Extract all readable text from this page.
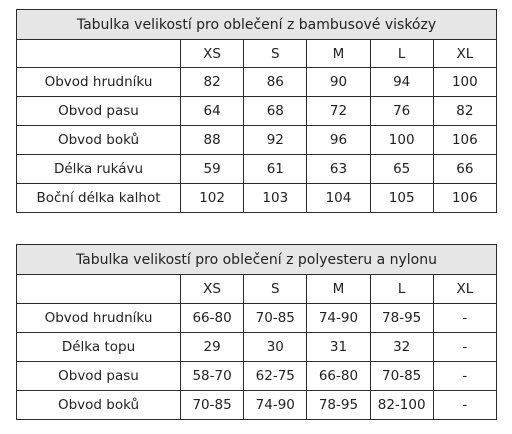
Tabulka velikostí pro oblečení z bambusové viskózy					
	XS	S	M	L	XL
Obvod hrudníku	82	86	90	94	100
Obvod pasu	64	68	72	76	82
Obvod boků	88	92	96	100	106
Délka rukávu	59	61	63	65	66
Boční délka kalhot	102	103	104	105	106
Tabulka velikostí pro oblečení z polyesteru a nylonu					
	XS	S	M	L	XL
Obvod hrudníku	66-80	70-85	74-90	78-95	-
Délka topu	29	30	31	32	-
Obvod pasu	58-70	62-75	66-80	70-85	-
Obvod boků	70-85	74-90	78-95	82-100	-
